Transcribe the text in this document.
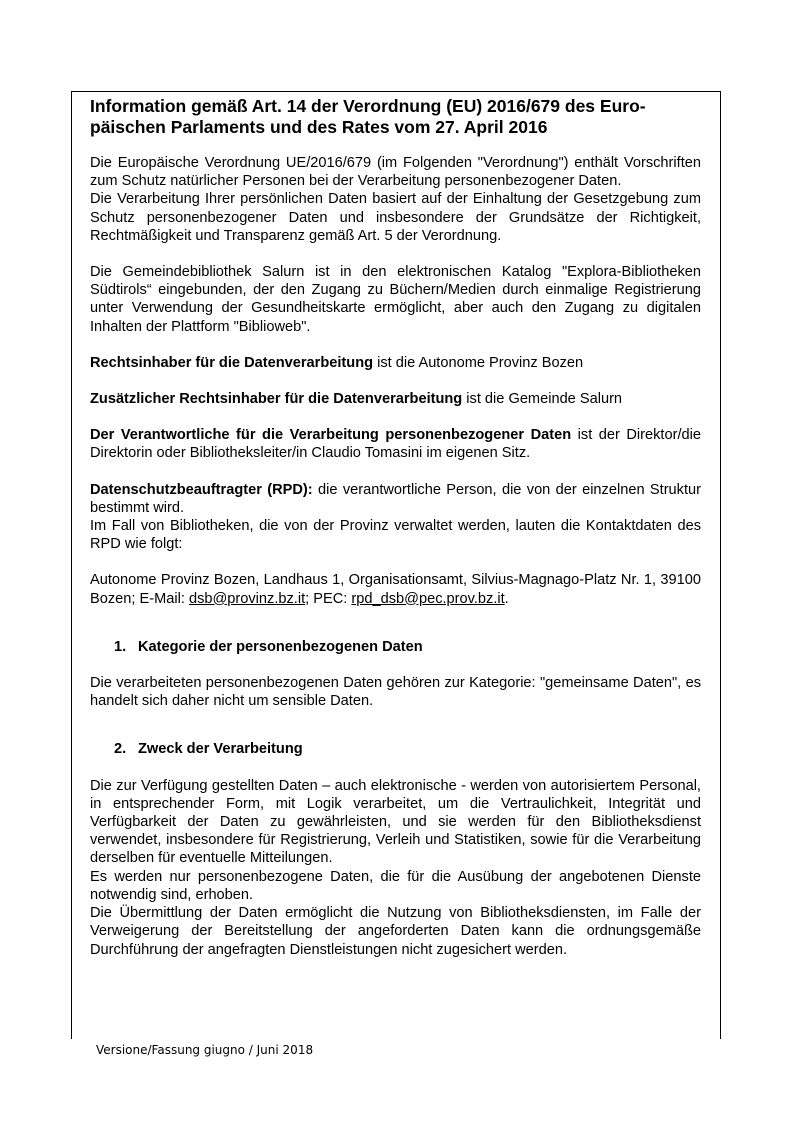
Information gemäß Art. 14 der Verordnung (EU) 2016/679 des Euro-päischen Parlaments und des Rates vom 27. April 2016

Die Europäische Verordnung UE/2016/679 (im Folgenden "Verordnung") enthält Vorschriften zum Schutz natürlicher Personen bei der Verarbeitung personenbezogener Daten.

Die Verarbeitung Ihrer persönlichen Daten basiert auf der Einhaltung der Gesetzgebung zum Schutz personenbezogener Daten und insbesondere der Grundsätze der Richtigkeit, Rechtmäßigkeit und Transparenz gemäß Art. 5 der Verordnung.

Die Gemeindebibliothek Salurn ist in den elektronischen Katalog "Explora-Bibliotheken Südtirols“ eingebunden, der den Zugang zu Büchern/Medien durch einmalige Registrierung unter Verwendung der Gesundheitskarte ermöglicht, aber auch den Zugang zu digitalen Inhalten der Plattform "Biblioweb".

Rechtsinhaber für die Datenverarbeitung ist die Autonome Provinz Bozen

Zusätzlicher Rechtsinhaber für die Datenverarbeitung ist die Gemeinde Salurn

Der Verantwortliche für die Verarbeitung personenbezogener Daten ist der Direktor/die Direktorin oder Bibliotheksleiter/in Claudio Tomasini im eigenen Sitz.

Datenschutzbeauftragter (RPD): die verantwortliche Person, die von der einzelnen Struktur bestimmt wird.

Im Fall von Bibliotheken, die von der Provinz verwaltet werden, lauten die Kontaktdaten des RPD wie folgt:

Autonome Provinz Bozen, Landhaus 1, Organisationsamt, Silvius-Magnago-Platz Nr. 1, 39100 Bozen; E-Mail: dsb@provinz.bz.it; PEC: rpd_dsb@pec.prov.bz.it.

1. Kategorie der personenbezogenen Daten

Die verarbeiteten personenbezogenen Daten gehören zur Kategorie: "gemeinsame Daten", es handelt sich daher nicht um sensible Daten.

2. Zweck der Verarbeitung

Die zur Verfügung gestellten Daten – auch elektronische - werden von autorisiertem Personal, in entsprechender Form, mit Logik verarbeitet, um die Vertraulichkeit, Integrität und Verfügbarkeit der Daten zu gewährleisten, und sie werden für den Bibliotheksdienst verwendet, insbesondere für Registrierung, Verleih und Statistiken, sowie für die Verarbeitung derselben für eventuelle Mitteilungen.

Es werden nur personenbezogene Daten, die für die Ausübung der angebotenen Dienste notwendig sind, erhoben.

Die Übermittlung der Daten ermöglicht die Nutzung von Bibliotheksdiensten, im Falle der Verweigerung der Bereitstellung der angeforderten Daten kann die ordnungsgemäße Durchführung der angefragten Dienstleistungen nicht zugesichert werden.

Versione/Fassung giugno / Juni 2018
